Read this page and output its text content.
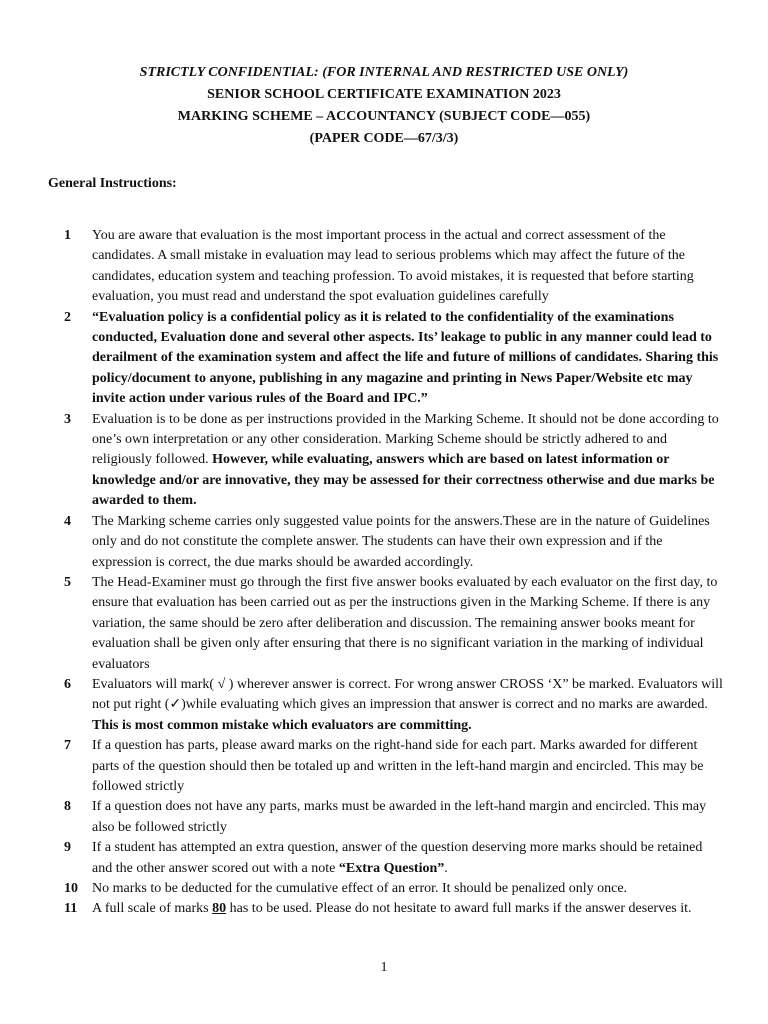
STRICTLY CONFIDENTIAL: (FOR INTERNAL AND RESTRICTED USE ONLY)
SENIOR SCHOOL CERTIFICATE EXAMINATION 2023
MARKING SCHEME – ACCOUNTANCY (SUBJECT CODE—055)
(PAPER CODE—67/3/3)
General Instructions:
1	You are aware that evaluation is the most important process in the actual and correct assessment of the candidates. A small mistake in evaluation may lead to serious problems which may affect the future of the candidates, education system and teaching profession. To avoid mistakes, it is requested that before starting evaluation, you must read and understand the spot evaluation guidelines carefully
2	“Evaluation policy is a confidential policy as it is related to the confidentiality of the examinations conducted, Evaluation done and several other aspects. Its’ leakage to public in any manner could lead to derailment of the examination system and affect the life and future of millions of candidates. Sharing this policy/document to anyone, publishing in any magazine and printing in News Paper/Website etc may invite action under various rules of the Board and IPC.”
3	Evaluation is to be done as per instructions provided in the Marking Scheme. It should not be done according to one’s own interpretation or any other consideration. Marking Scheme should be strictly adhered to and religiously followed. However, while evaluating, answers which are based on latest information or knowledge and/or are innovative, they may be assessed for their correctness otherwise and due marks be awarded to them.
4	The Marking scheme carries only suggested value points for the answers.These are in the nature of Guidelines only and do not constitute the complete answer. The students can have their own expression and if the expression is correct, the due marks should be awarded accordingly.
5	The Head-Examiner must go through the first five answer books evaluated by each evaluator on the first day, to ensure that evaluation has been carried out as per the instructions given in the Marking Scheme. If there is any variation, the same should be zero after deliberation and discussion. The remaining answer books meant for evaluation shall be given only after ensuring that there is no significant variation in the marking of individual evaluators
6	Evaluators will mark( √ ) wherever answer is correct. For wrong answer CROSS ‘X” be marked. Evaluators will not put right (✓)while evaluating which gives an impression that answer is correct and no marks are awarded. This is most common mistake which evaluators are committing.
7	If a question has parts, please award marks on the right-hand side for each part. Marks awarded for different parts of the question should then be totaled up and written in the left-hand margin and encircled. This may be followed strictly
8	If a question does not have any parts, marks must be awarded in the left-hand margin and encircled. This may also be followed strictly
9	If a student has attempted an extra question, answer of the question deserving more marks should be retained and the other answer scored out with a note “Extra Question”.
10	No marks to be deducted for the cumulative effect of an error. It should be penalized only once.
11	A full scale of marks 80 has to be used. Please do not hesitate to award full marks if the answer deserves it.
1
